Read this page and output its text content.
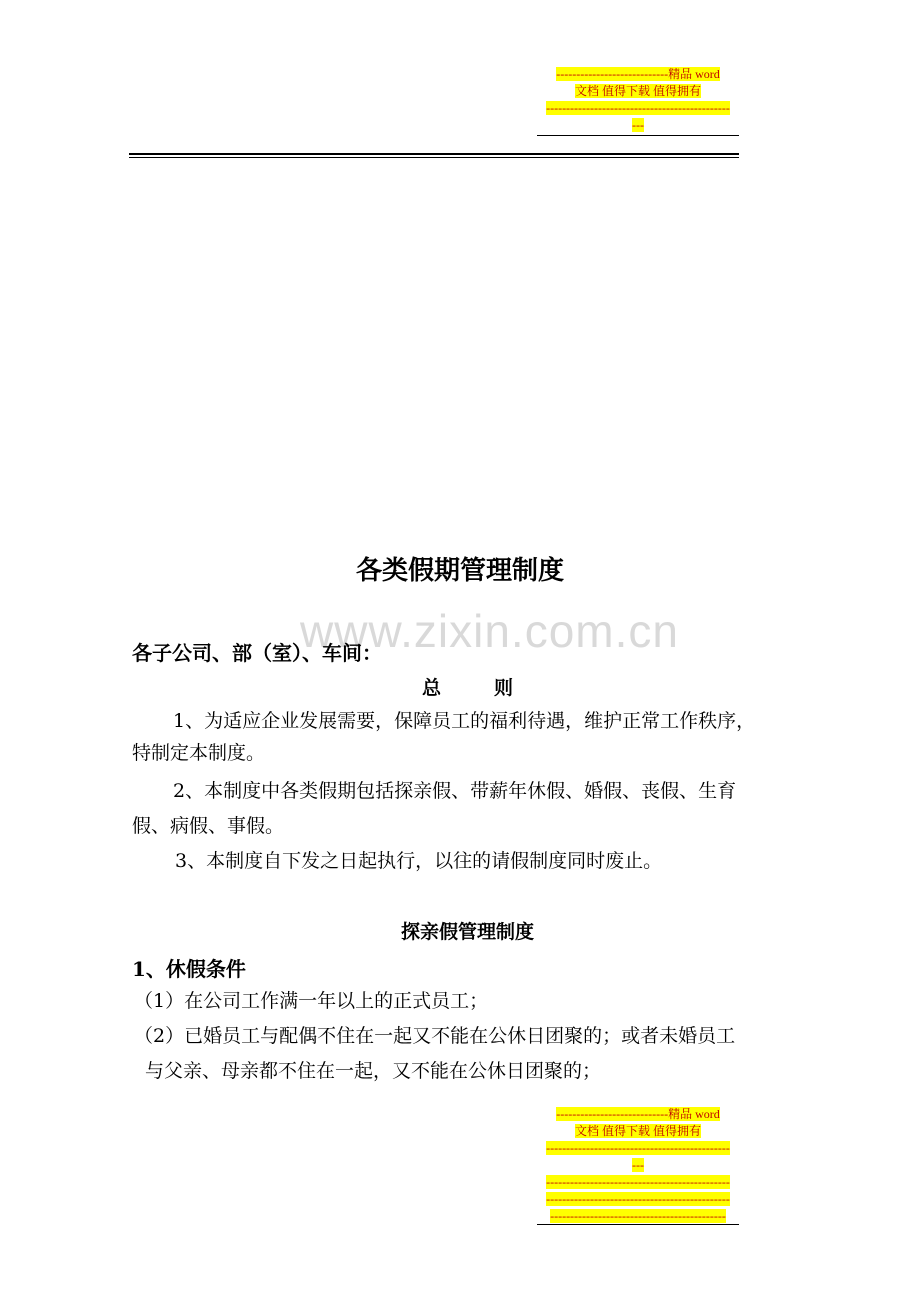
----------------------------精品 word
文档 值得下载 值得拥有
----------------------------------------------
---
www.zixin.com.cn
各类假期管理制度
各子公司、部（室）、车间：
总        则
1、为适应企业发展需要，保障员工的福利待遇，维护正常工作秩序，
特制定本制度。
2、本制度中各类假期包括探亲假、带薪年休假、婚假、丧假、生育
假、病假、事假。
3、本制度自下发之日起执行，以往的请假制度同时废止。
探亲假管理制度
1、休假条件
（1）在公司工作满一年以上的正式员工；
（2）已婚员工与配偶不住在一起又不能在公休日团聚的；或者未婚员工
与父亲、母亲都不住在一起，又不能在公休日团聚的；
----------------------------精品 word
文档 值得下载 值得拥有
----------------------------------------------
---
----------------------------------------------
----------------------------------------------
--------------------------------------------
